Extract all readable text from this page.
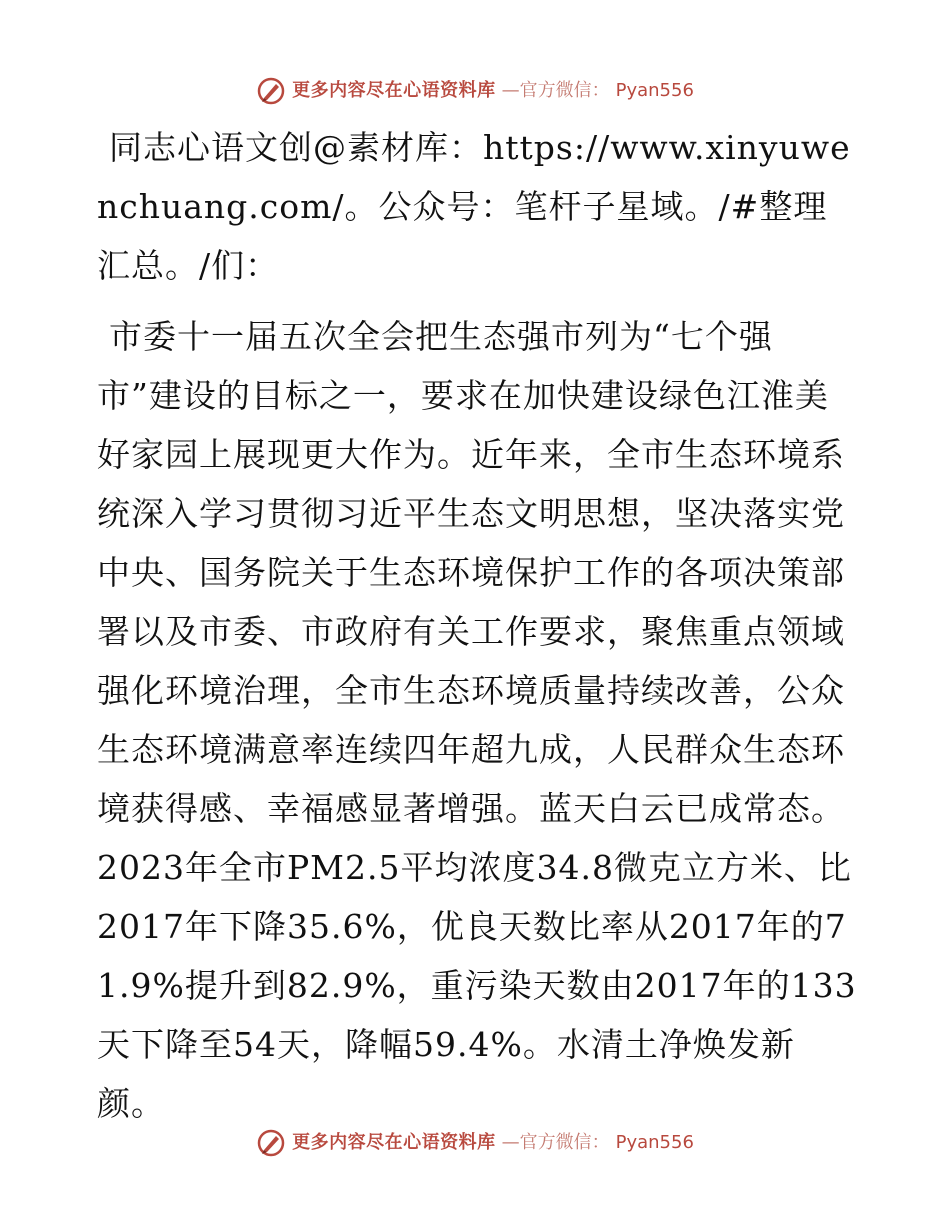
更多内容尽在心语资料库 —官方微信： Pyan556

同志心语文创@素材库：https://www.xinyuwenchuang.com/。公众号：笔杆子星域。/#整理汇总。/们：

市委十一届五次全会把生态强市列为“七个强市”建设的目标之一，要求在加快建设绿色江淮美好家园上展现更大作为。近年来，全市生态环境系统深入学习贯彻习近平生态文明思想，坚决落实党中央、国务院关于生态环境保护工作的各项决策部署以及市委、市政府有关工作要求，聚焦重点领域强化环境治理，全市生态环境质量持续改善，公众生态环境满意率连续四年超九成，人民群众生态环境获得感、幸福感显著增强。蓝天白云已成常态。2023年全市PM2.5平均浓度34.8微克立方米、比2017年下降35.6%，优良天数比率从2017年的71.9%提升到82.9%，重污染天数由2017年的133天下降至54天，降幅59.4%。水清土净焕发新颜。

更多内容尽在心语资料库 —官方微信： Pyan556
